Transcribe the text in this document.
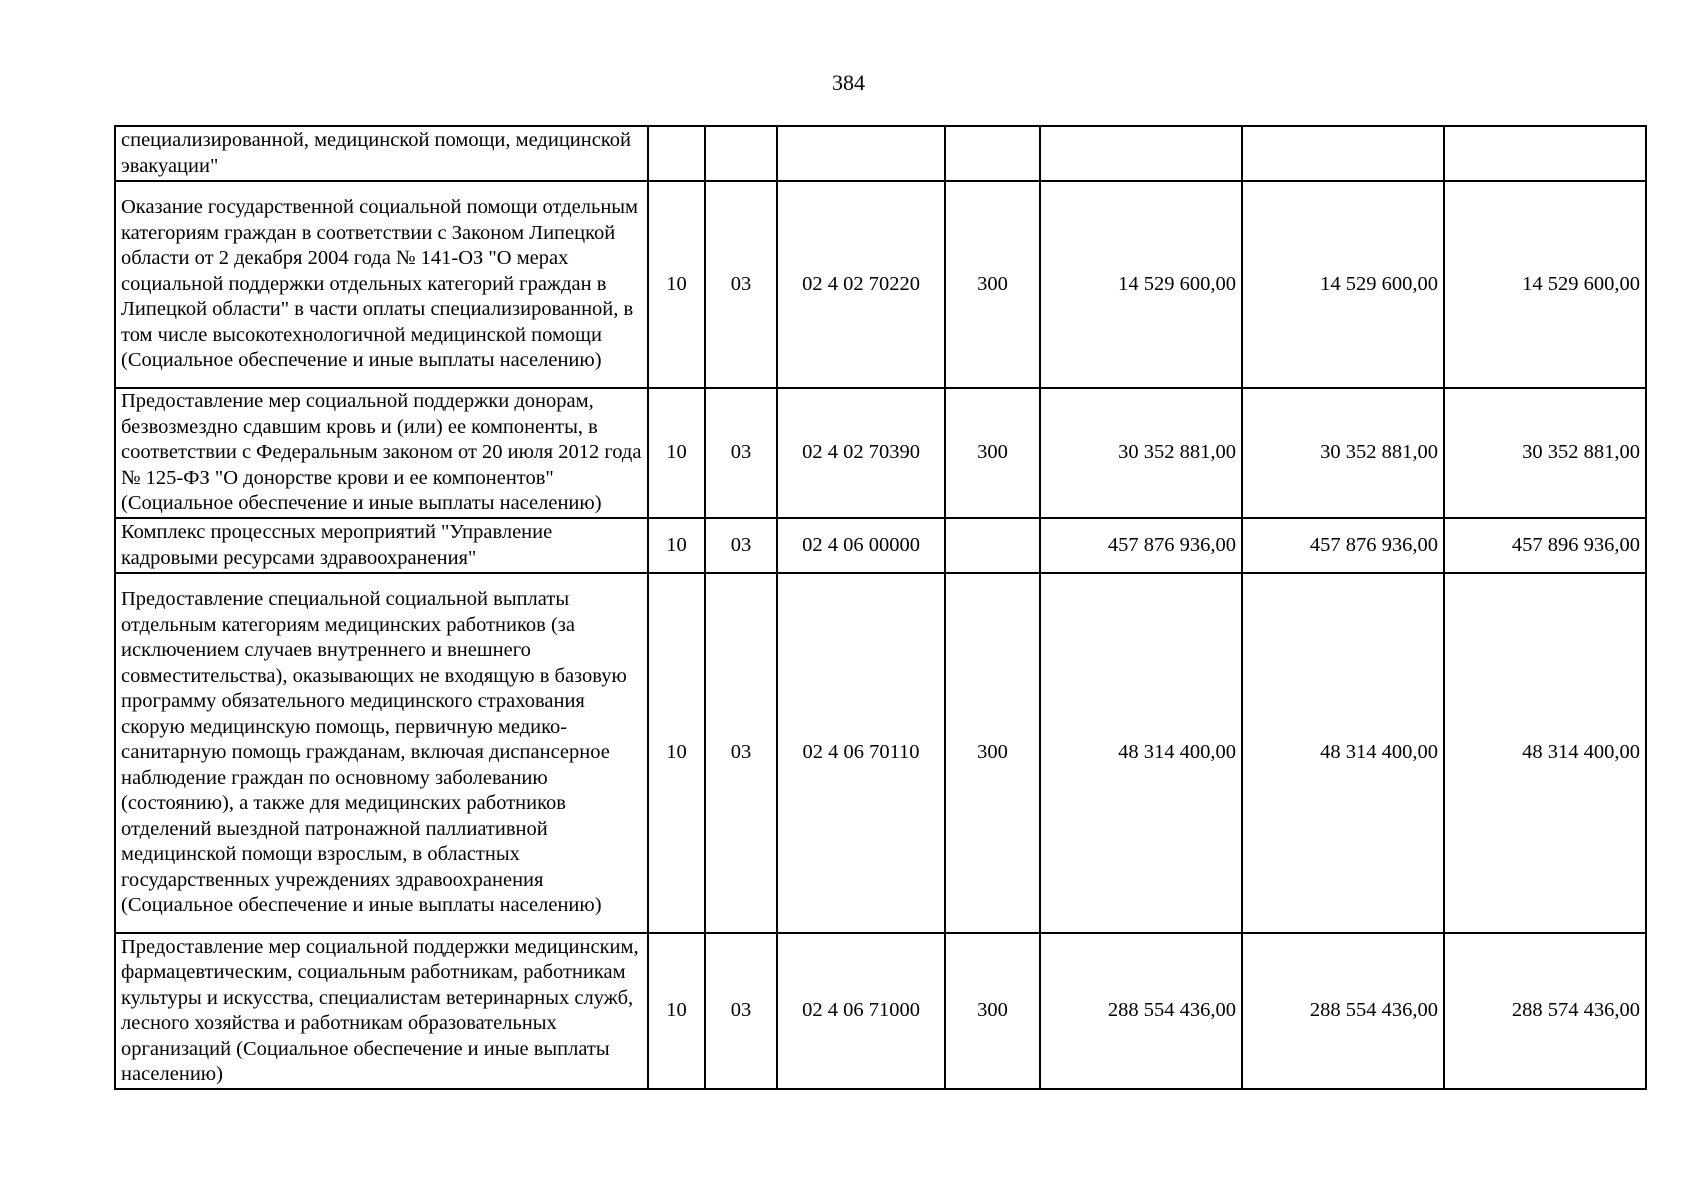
384
специализированной, медицинской помощи, медицинской эвакуации"							
Оказание государственной социальной помощи отдельным категориям граждан в соответствии с Законом Липецкой области от 2 декабря 2004 года № 141-ОЗ "О мерах социальной поддержки отдельных категорий граждан в Липецкой области" в части оплаты специализированной, в том числе высокотехнологичной медицинской помощи (Социальное обеспечение и иные выплаты населению)	10	03	02 4 02 70220	300	14 529 600,00	14 529 600,00	14 529 600,00
Предоставление мер социальной поддержки донорам, безвозмездно сдавшим кровь и (или) ее компоненты, в соответствии с Федеральным законом от 20 июля 2012 года № 125-ФЗ "О донорстве крови и ее компонентов" (Социальное обеспечение и иные выплаты населению)	10	03	02 4 02 70390	300	30 352 881,00	30 352 881,00	30 352 881,00
Комплекс процессных мероприятий "Управление кадровыми ресурсами здравоохранения"	10	03	02 4 06 00000		457 876 936,00	457 876 936,00	457 896 936,00
Предоставление специальной социальной выплаты отдельным категориям медицинских работников (за исключением случаев внутреннего и внешнего совместительства), оказывающих не входящую в базовую программу обязательного медицинского страхования скорую медицинскую помощь, первичную медико-санитарную помощь гражданам, включая диспансерное наблюдение граждан по основному заболеванию (состоянию), а также для медицинских работников отделений выездной патронажной паллиативной медицинской помощи взрослым, в областных государственных учреждениях здравоохранения (Социальное обеспечение и иные выплаты населению)	10	03	02 4 06 70110	300	48 314 400,00	48 314 400,00	48 314 400,00
Предоставление мер социальной поддержки медицинским, фармацевтическим, социальным работникам, работникам культуры и искусства, специалистам ветеринарных служб, лесного хозяйства и работникам образовательных организаций (Социальное обеспечение и иные выплаты населению)	10	03	02 4 06 71000	300	288 554 436,00	288 554 436,00	288 574 436,00
